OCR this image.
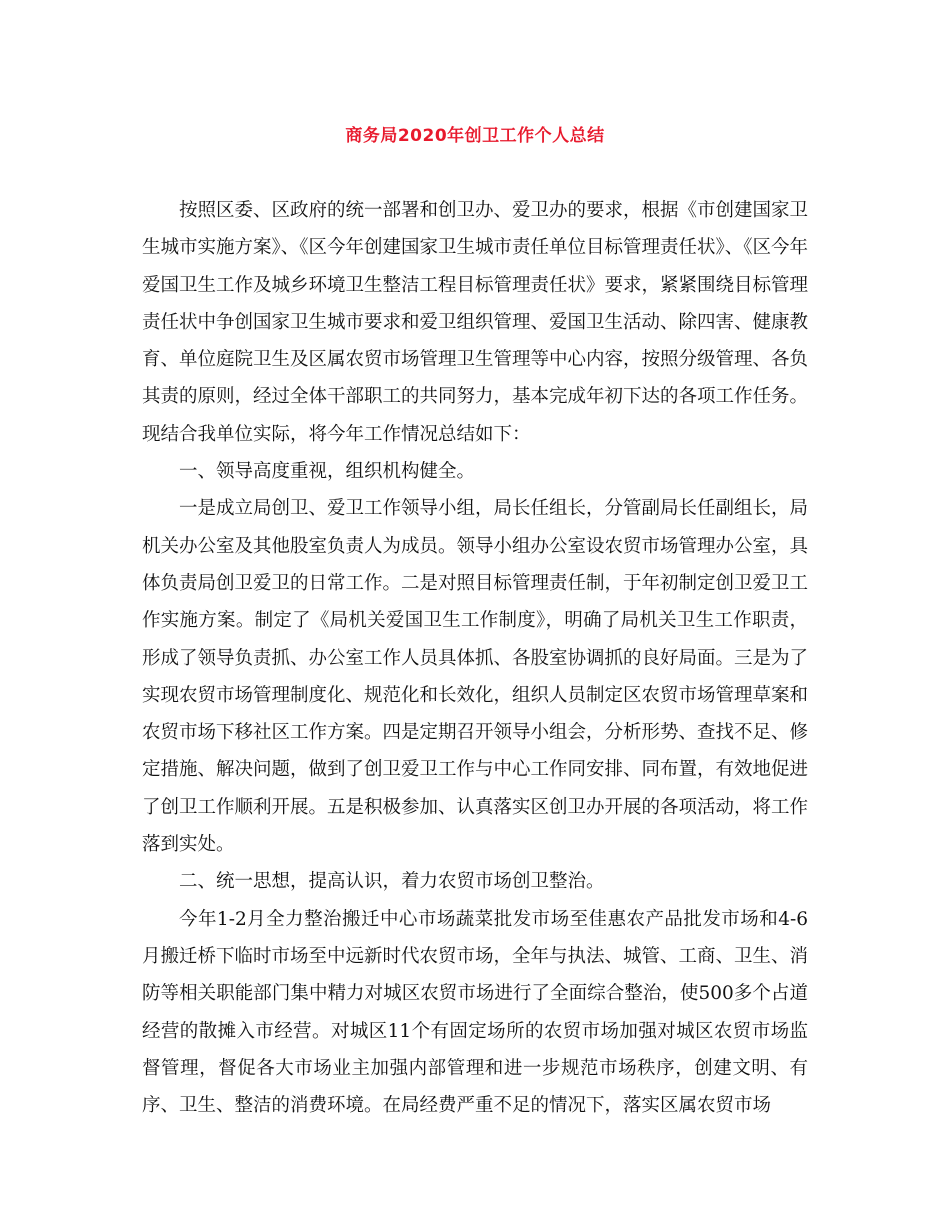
商务局2020年创卫工作个人总结

按照区委、区政府的统一部署和创卫办、爱卫办的要求，根据《市创建国家卫生城市实施方案》、《区今年创建国家卫生城市责任单位目标管理责任状》、《区今年爱国卫生工作及城乡环境卫生整洁工程目标管理责任状》要求，紧紧围绕目标管理责任状中争创国家卫生城市要求和爱卫组织管理、爱国卫生活动、除四害、健康教育、单位庭院卫生及区属农贸市场管理卫生管理等中心内容，按照分级管理、各负其责的原则，经过全体干部职工的共同努力，基本完成年初下达的各项工作任务。现结合我单位实际，将今年工作情况总结如下：

一、领导高度重视，组织机构健全。

一是成立局创卫、爱卫工作领导小组，局长任组长，分管副局长任副组长，局机关办公室及其他股室负责人为成员。领导小组办公室设农贸市场管理办公室，具体负责局创卫爱卫的日常工作。二是对照目标管理责任制，于年初制定创卫爱卫工作实施方案。制定了《局机关爱国卫生工作制度》，明确了局机关卫生工作职责，形成了领导负责抓、办公室工作人员具体抓、各股室协调抓的良好局面。三是为了实现农贸市场管理制度化、规范化和长效化，组织人员制定区农贸市场管理草案和农贸市场下移社区工作方案。四是定期召开领导小组会，分析形势、查找不足、修定措施、解决问题，做到了创卫爱卫工作与中心工作同安排、同布置，有效地促进了创卫工作顺利开展。五是积极参加、认真落实区创卫办开展的各项活动，将工作落到实处。

二、统一思想，提高认识，着力农贸市场创卫整治。

今年1-2月全力整治搬迁中心市场蔬菜批发市场至佳惠农产品批发市场和4-6月搬迁桥下临时市场至中远新时代农贸市场，全年与执法、城管、工商、卫生、消防等相关职能部门集中精力对城区农贸市场进行了全面综合整治，使500多个占道经营的散摊入市经营。对城区11个有固定场所的农贸市场加强对城区农贸市场监督管理，督促各大市场业主加强内部管理和进一步规范市场秩序，创建文明、有序、卫生、整洁的消费环境。在局经费严重不足的情况下，落实区属农贸市场
